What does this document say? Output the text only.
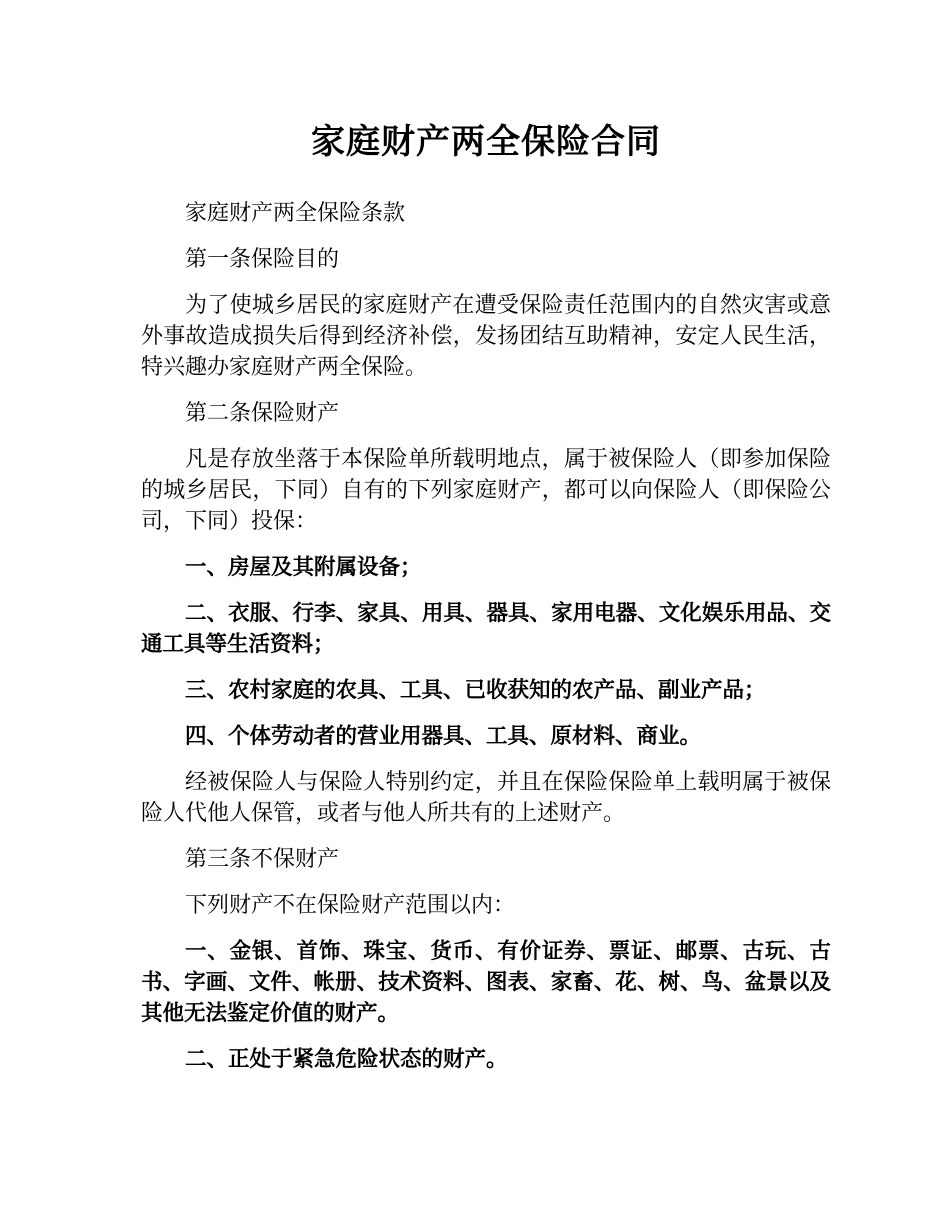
家庭财产两全保险合同

家庭财产两全保险条款

第一条保险目的

为了使城乡居民的家庭财产在遭受保险责任范围内的自然灾害或意外事故造成损失后得到经济补偿，发扬团结互助精神，安定人民生活，特兴趣办家庭财产两全保险。

第二条保险财产

凡是存放坐落于本保险单所载明地点，属于被保险人（即参加保险的城乡居民，下同）自有的下列家庭财产，都可以向保险人（即保险公司，下同）投保：

一、房屋及其附属设备；

二、衣服、行李、家具、用具、器具、家用电器、文化娱乐用品、交通工具等生活资料；

三、农村家庭的农具、工具、已收获知的农产品、副业产品；

四、个体劳动者的营业用器具、工具、原材料、商业。

经被保险人与保险人特别约定，并且在保险保险单上载明属于被保险人代他人保管，或者与他人所共有的上述财产。

第三条不保财产

下列财产不在保险财产范围以内：

一、金银、首饰、珠宝、货币、有价证券、票证、邮票、古玩、古书、字画、文件、帐册、技术资料、图表、家畜、花、树、鸟、盆景以及其他无法鉴定价值的财产。

二、正处于紧急危险状态的财产。
